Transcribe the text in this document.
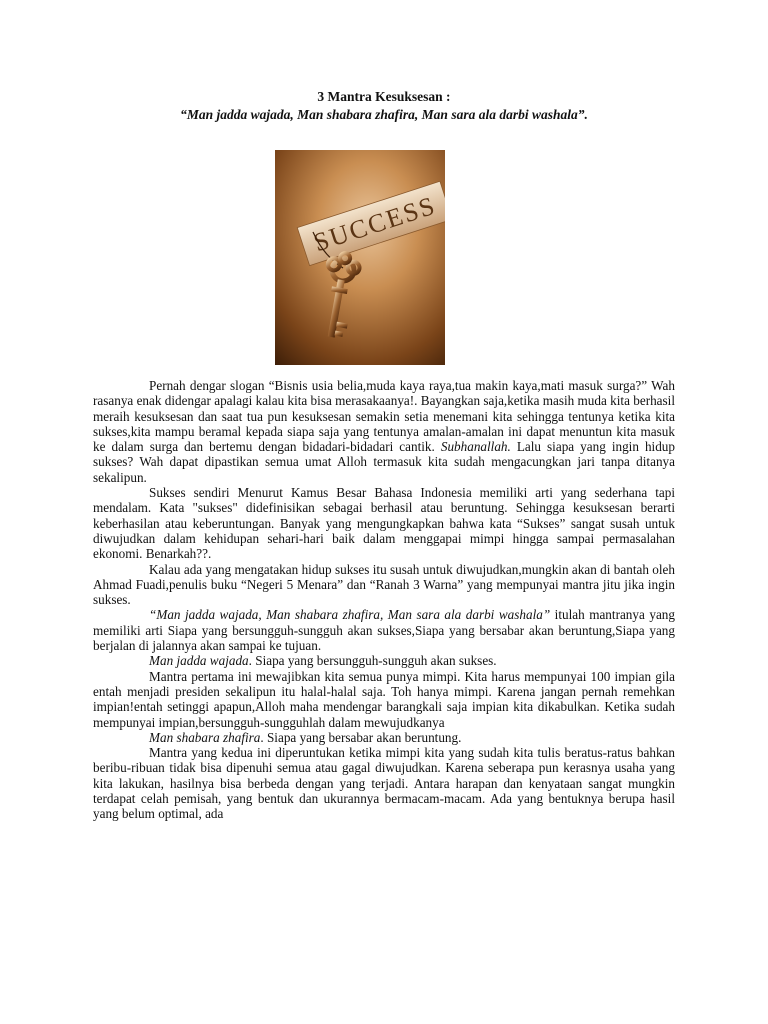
3 Mantra Kesuksesan :
“Man jadda wajada, Man shabara zhafira, Man sara ala darbi washala”.
SUCCESS

Pernah dengar slogan “Bisnis usia belia,muda kaya raya,tua makin kaya,mati masuk surga?” Wah rasanya enak didengar apalagi kalau kita bisa merasakaanya!. Bayangkan saja,ketika masih muda kita berhasil meraih kesuksesan dan saat tua pun kesuksesan semakin setia menemani kita sehingga tentunya ketika kita sukses,kita mampu beramal kepada siapa saja yang tentunya amalan-amalan ini dapat menuntun kita masuk ke dalam surga dan bertemu dengan bidadari-bidadari cantik. Subhanallah. Lalu siapa yang ingin hidup sukses? Wah dapat dipastikan semua umat Alloh termasuk kita sudah mengacungkan jari tanpa ditanya sekalipun.

Sukses sendiri Menurut Kamus Besar Bahasa Indonesia memiliki arti yang sederhana tapi mendalam. Kata "sukses" didefinisikan sebagai berhasil atau beruntung. Sehingga kesuksesan berarti keberhasilan atau keberuntungan. Banyak yang mengungkapkan bahwa kata “Sukses” sangat susah untuk diwujudkan dalam kehidupan sehari-hari baik dalam menggapai mimpi hingga sampai permasalahan ekonomi. Benarkah??.

Kalau ada yang mengatakan hidup sukses itu susah untuk diwujudkan,mungkin akan di bantah oleh Ahmad Fuadi,penulis buku “Negeri 5 Menara” dan “Ranah 3 Warna” yang mempunyai mantra jitu jika ingin sukses.

“Man jadda wajada, Man shabara zhafira, Man sara ala darbi washala” itulah mantranya yang memiliki arti Siapa yang bersungguh-sungguh akan sukses,Siapa yang bersabar akan beruntung,Siapa yang berjalan di jalannya akan sampai ke tujuan.

Man jadda wajada. Siapa yang bersungguh-sungguh akan sukses.

Mantra pertama ini mewajibkan kita semua punya mimpi. Kita harus mempunyai 100 impian gila entah menjadi presiden sekalipun itu halal-halal saja. Toh hanya mimpi. Karena jangan pernah remehkan impian!entah setinggi apapun,Alloh maha mendengar barangkali saja impian kita dikabulkan. Ketika sudah mempunyai impian,bersungguh-sungguhlah dalam mewujudkanya

Man shabara zhafira. Siapa yang bersabar akan beruntung.

Mantra yang kedua ini diperuntukan ketika mimpi kita yang sudah kita tulis beratus-ratus bahkan beribu-ribuan tidak bisa dipenuhi semua atau gagal diwujudkan. Karena seberapa pun kerasnya usaha yang kita lakukan, hasilnya bisa berbeda dengan yang terjadi. Antara harapan dan kenyataan sangat mungkin terdapat celah pemisah, yang bentuk dan ukurannya bermacam-macam. Ada yang bentuknya berupa hasil yang belum optimal, ada
